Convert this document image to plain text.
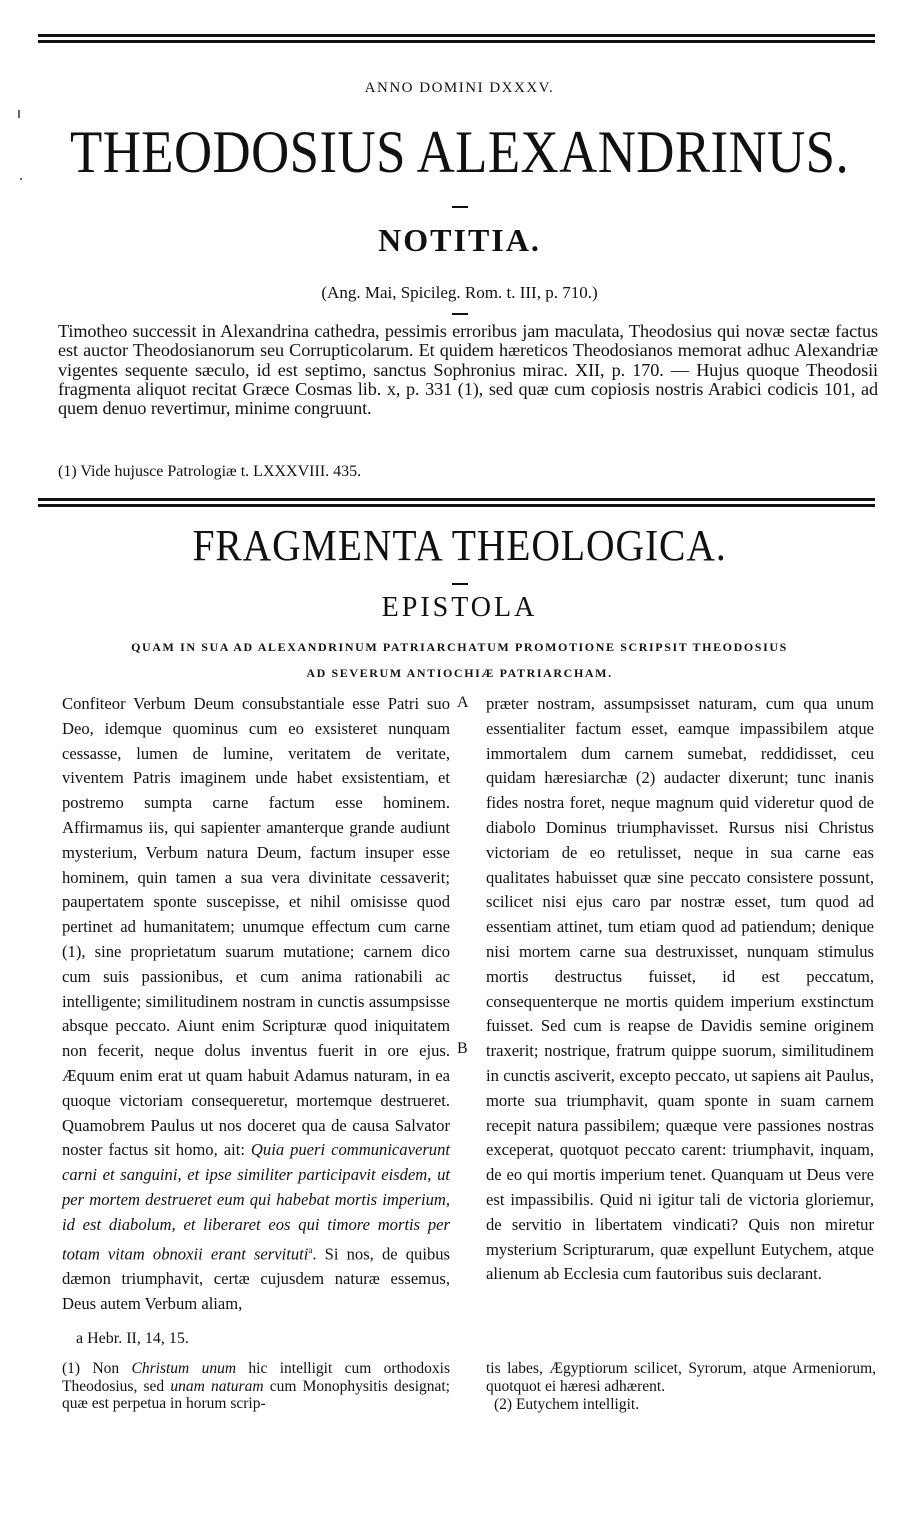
ANNO DOMINI DXXXV.
THEODOSIUS ALEXANDRINUS.
NOTITIA.
(Ang. Mai, Spicileg. Rom. t. III, p. 710.)

Timotheo successit in Alexandrina cathedra, pessimis erroribus jam maculata, Theodosius qui novæ sectæ factus est auctor Theodosianorum seu Corrupticolarum. Et quidem hæreticos Theodosianos memorat adhuc Alexandriæ vigentes sequente sæculo, id est septimo, sanctus Sophronius mirac. XII, p. 170. — Hujus quoque Theodosii fragmenta aliquot recitat Græce Cosmas lib. x, p. 331 (1), sed quæ cum copiosis nostris Arabici codicis 101, ad quem denuo revertimur, minime congruunt.

(1) Vide hujusce Patrologiæ t. LXXXVIII. 435.
FRAGMENTA THEOLOGICA.
EPISTOLA
QUAM IN SUA AD ALEXANDRINUM PATRIARCHATUM PROMOTIONE SCRIPSIT THEODOSIUS
AD SEVERUM ANTIOCHIÆ PATRIARCHAM.

Confiteor Verbum Deum consubstantiale esse Patri suo Deo, idemque quominus cum eo exsisteret nunquam cessasse, lumen de lumine, veritatem de veritate, viventem Patris imaginem unde habet exsistentiam, et postremo sumpta carne factum esse hominem. Affirmamus iis, qui sapienter amanterque grande audiunt mysterium, Verbum natura Deum, factum insuper esse hominem, quin tamen a sua vera divinitate cessaverit; paupertatem sponte suscepisse, et nihil omisisse quod pertinet ad humanitatem; unumque effectum cum carne (1), sine proprietatum suarum mutatione; carnem dico cum suis passionibus, et cum anima rationabili ac intelligente; similitudinem nostram in cunctis assumpsisse absque peccato. Aiunt enim Scripturæ quod iniquitatem non fecerit, neque dolus inventus fuerit in ore ejus. Æquum enim erat ut quam habuit Adamus naturam, in ea quoque victoriam consequeretur, mortemque destrueret. Quamobrem Paulus ut nos doceret qua de causa Salvator noster factus sit homo, ait: Quia pueri communicaverunt carni et sanguini, et ipse similiter participavit eisdem, ut per mortem destrueret eum qui habebat mortis imperium, id est diabolum, et liberaret eos qui timore mortis per totam vitam obnoxii erant servituti$^a$. Si nos, de quibus dæmon triumphavit, certæ cujusdem naturæ essemus, Deus autem Verbum aliam,

A
B

præter nostram, assumpsisset naturam, cum qua unum essentialiter factum esset, eamque impassibilem atque immortalem dum carnem sumebat, reddidisset, ceu quidam hæresiarchæ (2) audacter dixerunt; tunc inanis fides nostra foret, neque magnum quid videretur quod de diabolo Dominus triumphavisset. Rursus nisi Christus victoriam de eo retulisset, neque in sua carne eas qualitates habuisset quæ sine peccato consistere possunt, scilicet nisi ejus caro par nostræ esset, tum quod ad essentiam attinet, tum etiam quod ad patiendum; denique nisi mortem carne sua destruxisset, nunquam stimulus mortis destructus fuisset, id est peccatum, consequenterque ne mortis quidem imperium exstinctum fuisset. Sed cum is reapse de Davidis semine originem traxerit; nostrique, fratrum quippe suorum, similitudinem in cunctis asciverit, excepto peccato, ut sapiens ait Paulus, morte sua triumphavit, quam sponte in suam carnem recepit natura passibilem; quæque vere passiones nostras exceperat, quotquot peccato carent: triumphavit, inquam, de eo qui mortis imperium tenet. Quanquam ut Deus vere est impassibilis. Quid ni igitur tali de victoria gloriemur, de servitio in libertatem vindicati? Quis non miretur mysterium Scripturarum, quæ expellunt Eutychem, atque alienum ab Ecclesia cum fautoribus suis declarant.

a Hebr. II, 14, 15.

(1) Non Christum unum hic intelligit cum orthodoxis Theodosius, sed unam naturam cum Monophysitis designat; quæ est perpetua in horum scrip-

tis labes, Ægyptiorum scilicet, Syrorum, atque Armeniorum, quotquot ei hæresi adhærent.

(2) Eutychem intelligit.
